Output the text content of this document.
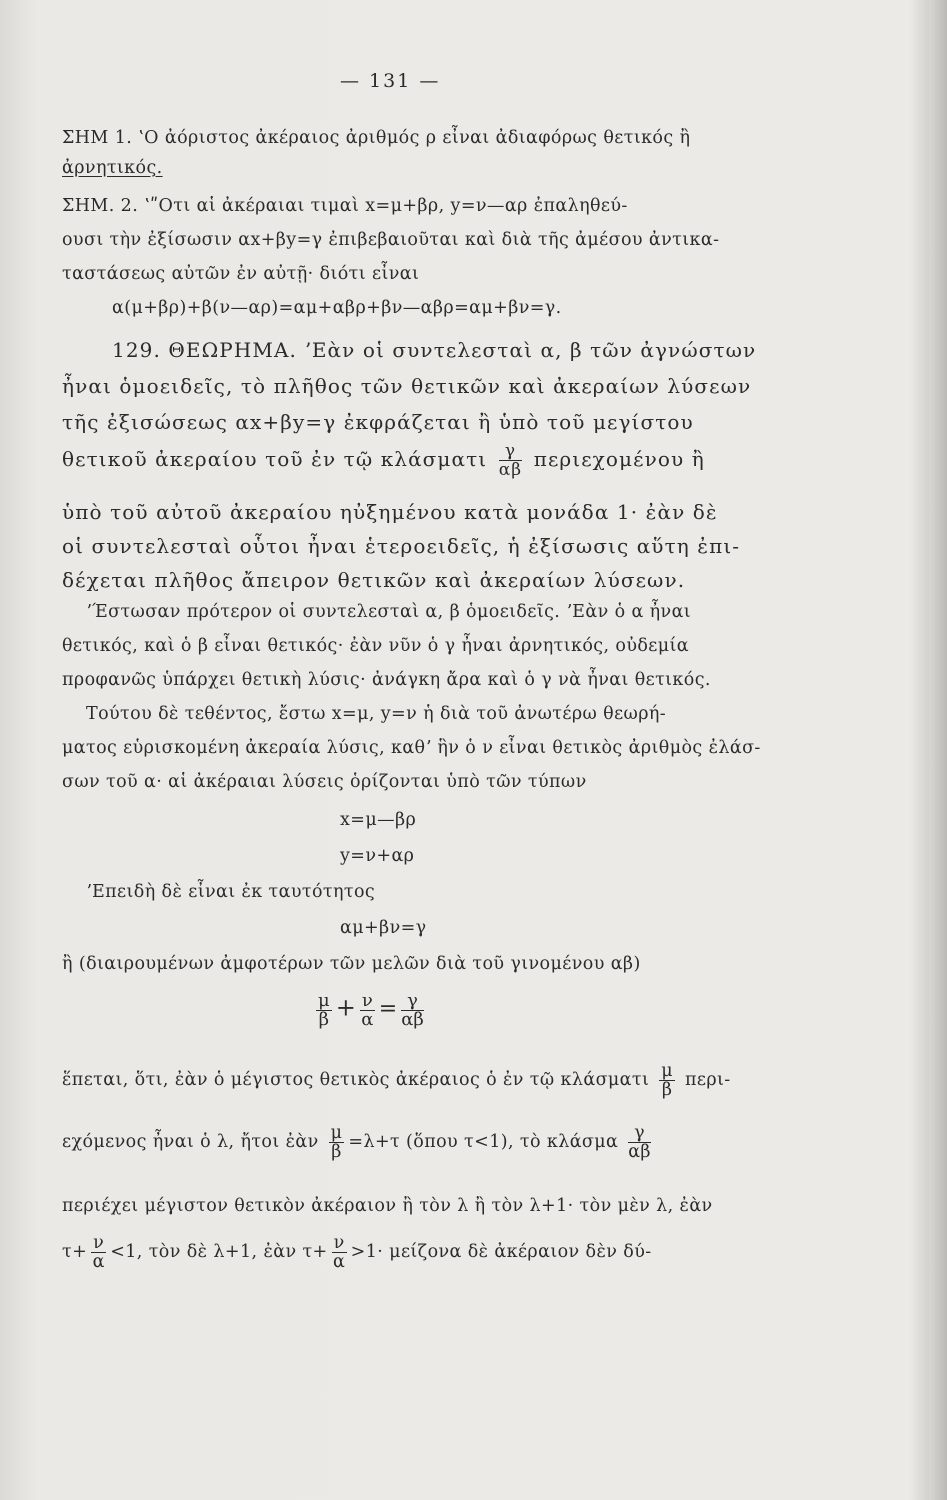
— 131 —
ΣΗΜ 1. ʽΟ ἀόριστος ἀκέραιος ἀριθμός ρ εἶναι ἀδιαφόρως θετικός ἢ
ἀρνητικός.
ΣΗΜ. 2. ʽʺΟτι αἱ ἀκέραιαι τιμαὶ x=μ+βρ, y=ν—αρ ἐπαληθεύ-
ουσι τὴν ἐξίσωσιν αx+βy=γ ἐπιβεβαιοῦται καὶ διὰ τῆς ἀμέσου ἀντικα-
ταστάσεως αὐτῶν ἐν αὐτῇ· διότι εἶναι
α(μ+βρ)+β(ν—αρ)=αμ+αβρ+βν—αβρ=αμ+βν=γ.
129. ΘΕΩΡΗΜΑ. ʼΕὰν οἱ συντελεσταὶ α, β τῶν ἀγνώστων
ἦναι ὁμοειδεῖς, τὸ πλῆθος τῶν θετικῶν καὶ ἀκεραίων λύσεων
τῆς ἐξισώσεως αx+βy=γ ἐκφράζεται ἢ ὑπὸ τοῦ μεγίστου
θετικοῦ ἀκεραίου τοῦ ἐν τῷ κλάσματι $\frac{\gamma}{\alpha\beta}$ περιεχομένου ἢ
ὑπὸ τοῦ αὐτοῦ ἀκεραίου ηὐξημένου κατὰ μονάδα 1· ἐὰν δὲ
οἱ συντελεσταὶ οὗτοι ἦναι ἑτεροειδεῖς, ἡ ἐξίσωσις αὕτη ἐπι-
δέχεται πλῆθος ἄπειρον θετικῶν καὶ ἀκεραίων λύσεων.
ʼΈστωσαν πρότερον οἱ συντελεσταὶ α, β ὁμοειδεῖς. ʼΕὰν ὁ α ἦναι
θετικός, καὶ ὁ β εἶναι θετικός· ἐὰν νῦν ὁ γ ἦναι ἀρνητικός, οὐδεμία
προφανῶς ὑπάρχει θετικὴ λύσις· ἀνάγκη ἄρα καὶ ὁ γ νὰ ἦναι θετικός.
Τούτου δὲ τεθέντος, ἔστω x=μ, y=ν ἡ διὰ τοῦ ἀνωτέρω θεωρή-
ματος εὑρισκομένη ἀκεραία λύσις, καθʼ ἣν ὁ ν εἶναι θετικὸς ἀριθμὸς ἐλάσ-
σων τοῦ α· αἱ ἀκέραιαι λύσεις ὁρίζονται ὑπὸ τῶν τύπων
x=μ—βρ
y=ν+αρ
ʼΕπειδὴ δὲ εἶναι ἐκ ταυτότητος
αμ+βν=γ
ἢ (διαιρουμένων ἀμφοτέρων τῶν μελῶν διὰ τοῦ γινομένου αβ)
$\frac{\mu}{\beta} + \frac{\nu}{\alpha} = \frac{\gamma}{\alpha\beta}$
ἕπεται, ὅτι, ἐὰν ὁ μέγιστος θετικὸς ἀκέραιος ὁ ἐν τῷ κλάσματι $\frac{\mu}{\beta} \pi\varepsilon\rho\iota-$
εχόμενος ἦναι ὁ λ, ἤτοι ἐὰν $\frac{\mu}{\beta} =\lambda+\tau$ (ὅπου τ<1), τὸ κλάσμα $\frac{\gamma}{\alpha\beta}$
περιέχει μέγιστον θετικὸν ἀκέραιον ἢ τὸν λ ἢ τὸν λ+1· τὸν μὲν λ, ἐὰν
$\tau+ \frac{\nu}{\alpha} <1$, τὸν δὲ λ+1, ἐὰν $\tau+ \frac{\nu}{\alpha} >1\cdot \mu\varepsilon ί\zeta o\nu\alpha$ δὲ ἀκέραιον δὲν δύ-
